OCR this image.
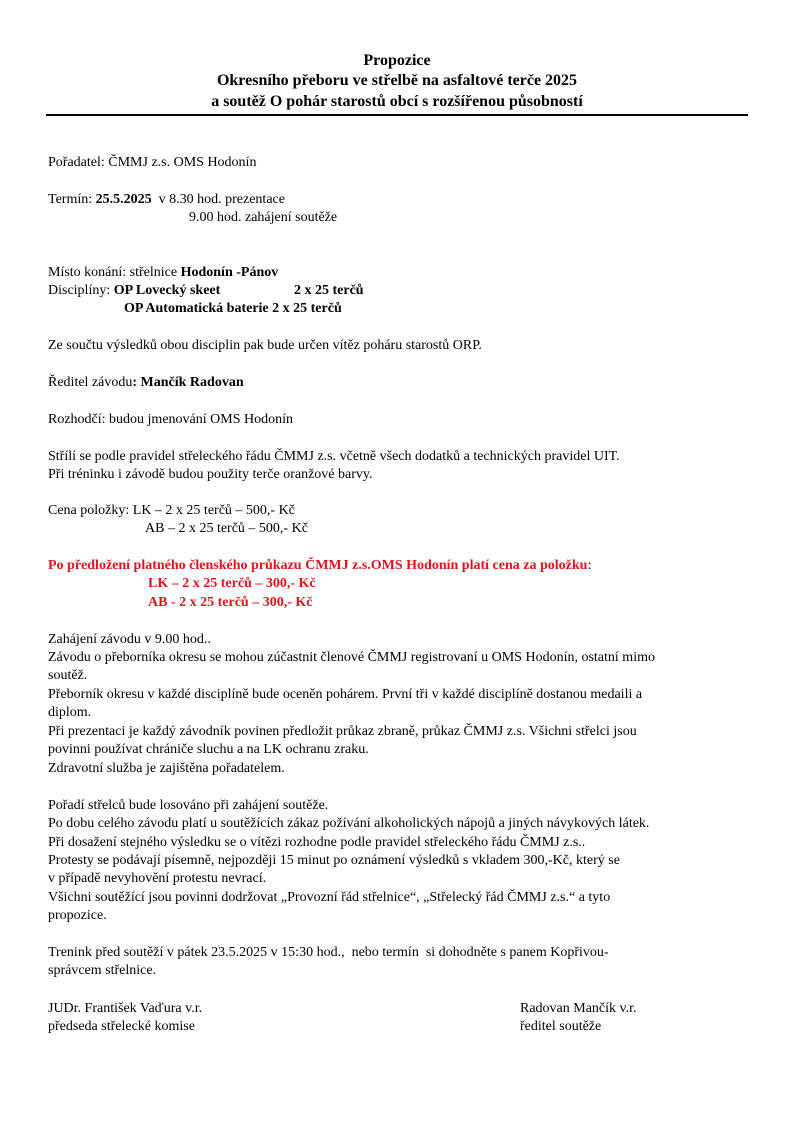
Propozice
Okresního přeboru ve střelbě na asfaltové terče 2025
a soutěž O pohár starostů obcí s rozšířenou působností
Pořadatel: ČMMJ z.s. OMS Hodonín
Termín: 25.5.2025  v 8.30 hod. prezentace
9.00 hod. zahájení soutěže
Místo konání: střelnice Hodonín -Pánov
Disciplíny: OP Lovecký skeet	2 x 25 terčů
OP Automatická baterie 2 x 25 terčů
Ze součtu výsledků obou disciplin pak bude určen vítěz poháru starostů ORP.
Ředitel závodu: Mančík Radovan
Rozhodčí: budou jmenování OMS Hodonín
Střílí se podle pravidel střeleckého řádu ČMMJ z.s. včetně všech dodatků a technických pravidel UIT.
Při tréninku i závodě budou použity terče oranžové barvy.
Cena položky: LK – 2 x 25 terčů – 500,- Kč
AB – 2 x 25 terčů – 500,- Kč
Po předložení platného členského průkazu ČMMJ z.s.OMS Hodonín platí cena za položku:
LK – 2 x 25 terčů – 300,- Kč
AB - 2 x 25 terčů – 300,- Kč
Zahájení závodu v 9.00 hod..
Závodu o přeborníka okresu se mohou zúčastnit členové ČMMJ registrovaní u OMS Hodonín, ostatní mimo
soutěž.
Přeborník okresu v každé disciplíně bude oceněn pohárem. První tři v každé disciplíně dostanou medaili a
diplom.
Při prezentaci je každý závodník povinen předložit průkaz zbraně, průkaz ČMMJ z.s. Všichni střelci jsou
povinni používat chrániče sluchu a na LK ochranu zraku.
Zdravotní služba je zajištěna pořadatelem.
Pořadí střelců bude losováno při zahájení soutěže.
Po dobu celého závodu platí u soutěžících zákaz požívání alkoholických nápojů a jiných návykových látek.
Při dosažení stejného výsledku se o vítězi rozhodne podle pravidel střeleckého řádu ČMMJ z.s..
Protesty se podávají písemně, nejpozději 15 minut po oznámení výsledků s vkladem 300,-Kč, který se
v případě nevyhovění protestu nevrací.
Všichni soutěžící jsou povinni dodržovat „Provozní řád střelnice“, „Střelecký řád ČMMJ z.s.“ a tyto
propozice.
Trenink před soutěží v pátek 23.5.2025 v 15:30 hod.,  nebo termín  si dohodněte s panem Kopřivou-
správcem střelnice.
JUDr. František Vaďura v.r.
předseda střelecké komise
Radovan Mančík v.r.
ředitel soutěže
